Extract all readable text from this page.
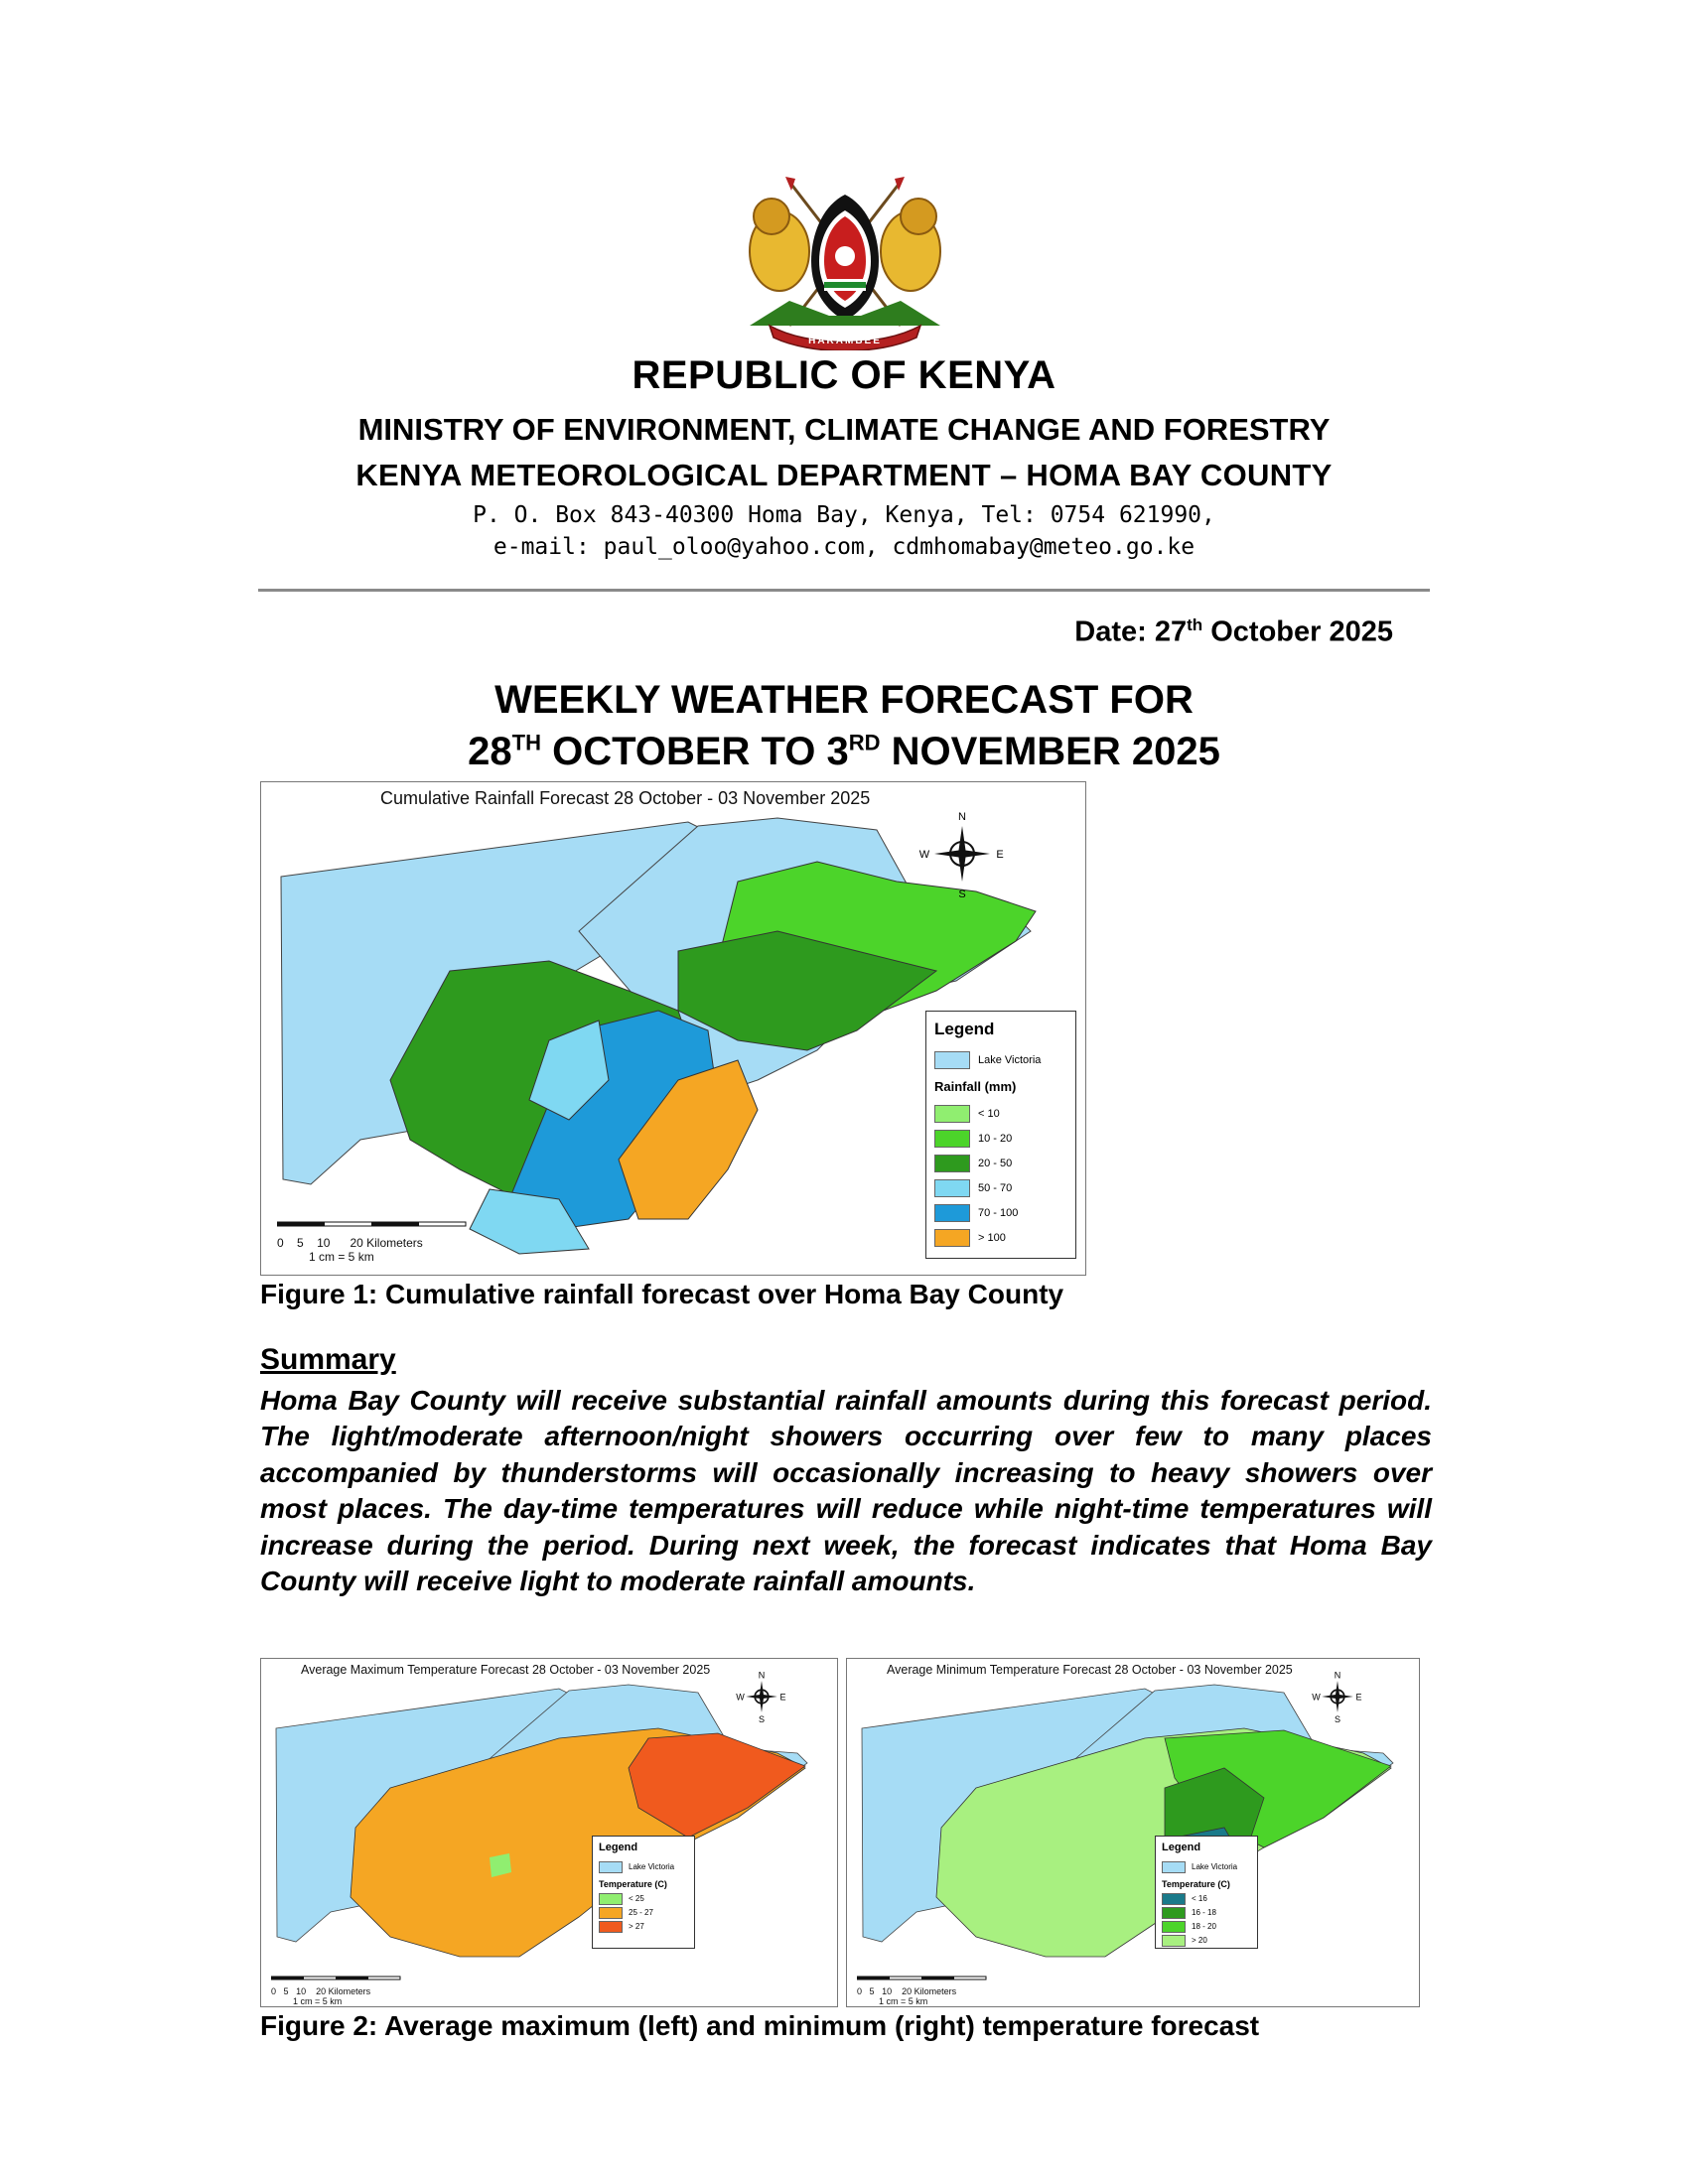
HARAMBEE
REPUBLIC OF KENYA
MINISTRY OF ENVIRONMENT, CLIMATE CHANGE AND FORESTRY
KENYA METEOROLOGICAL DEPARTMENT – HOMA BAY COUNTY
P. O. Box 843-40300 Homa Bay, Kenya, Tel: 0754 621990,
e-mail: paul_oloo@yahoo.com, cdmhomabay@meteo.go.ke
Date: 27th October 2025
WEEKLY WEATHER FORECAST FOR
28TH OCTOBER TO 3RD NOVEMBER 2025
Cumulative Rainfall Forecast 28 October - 03 November 2025
N
S
E
W
Legend
Lake Victoria
Rainfall (mm)
< 10
10 - 20
20 - 50
50 - 70
70 - 100
> 100
0 5 10 20 Kilometers
1 cm = 5 km
Figure 1: Cumulative rainfall forecast over Homa Bay County
Summary
Homa Bay County will receive substantial rainfall amounts during this forecast period. The light/moderate afternoon/night showers occurring over few to many places accompanied by thunderstorms will occasionally increasing to heavy showers over most places. The day-time temperatures will reduce while night-time temperatures will increase during the period. During next week, the forecast indicates that Homa Bay County will receive light to moderate rainfall amounts.
Average Maximum Temperature Forecast 28 October - 03 November 2025	N
S
E
W
Legend
Lake Victoria
Temperature (C)
< 25
25 - 27
> 27
0 5 10 20 Kilometers
1 cm = 5 km
Average Minimum Temperature Forecast 28 October - 03 November 2025	N
S
E
W
Legend
Lake Victoria
Temperature (C)
< 16
16 - 18
18 - 20
> 20
0 5 10 20 Kilometers
1 cm = 5 km
Figure 2: Average maximum (left) and minimum (right) temperature forecast
